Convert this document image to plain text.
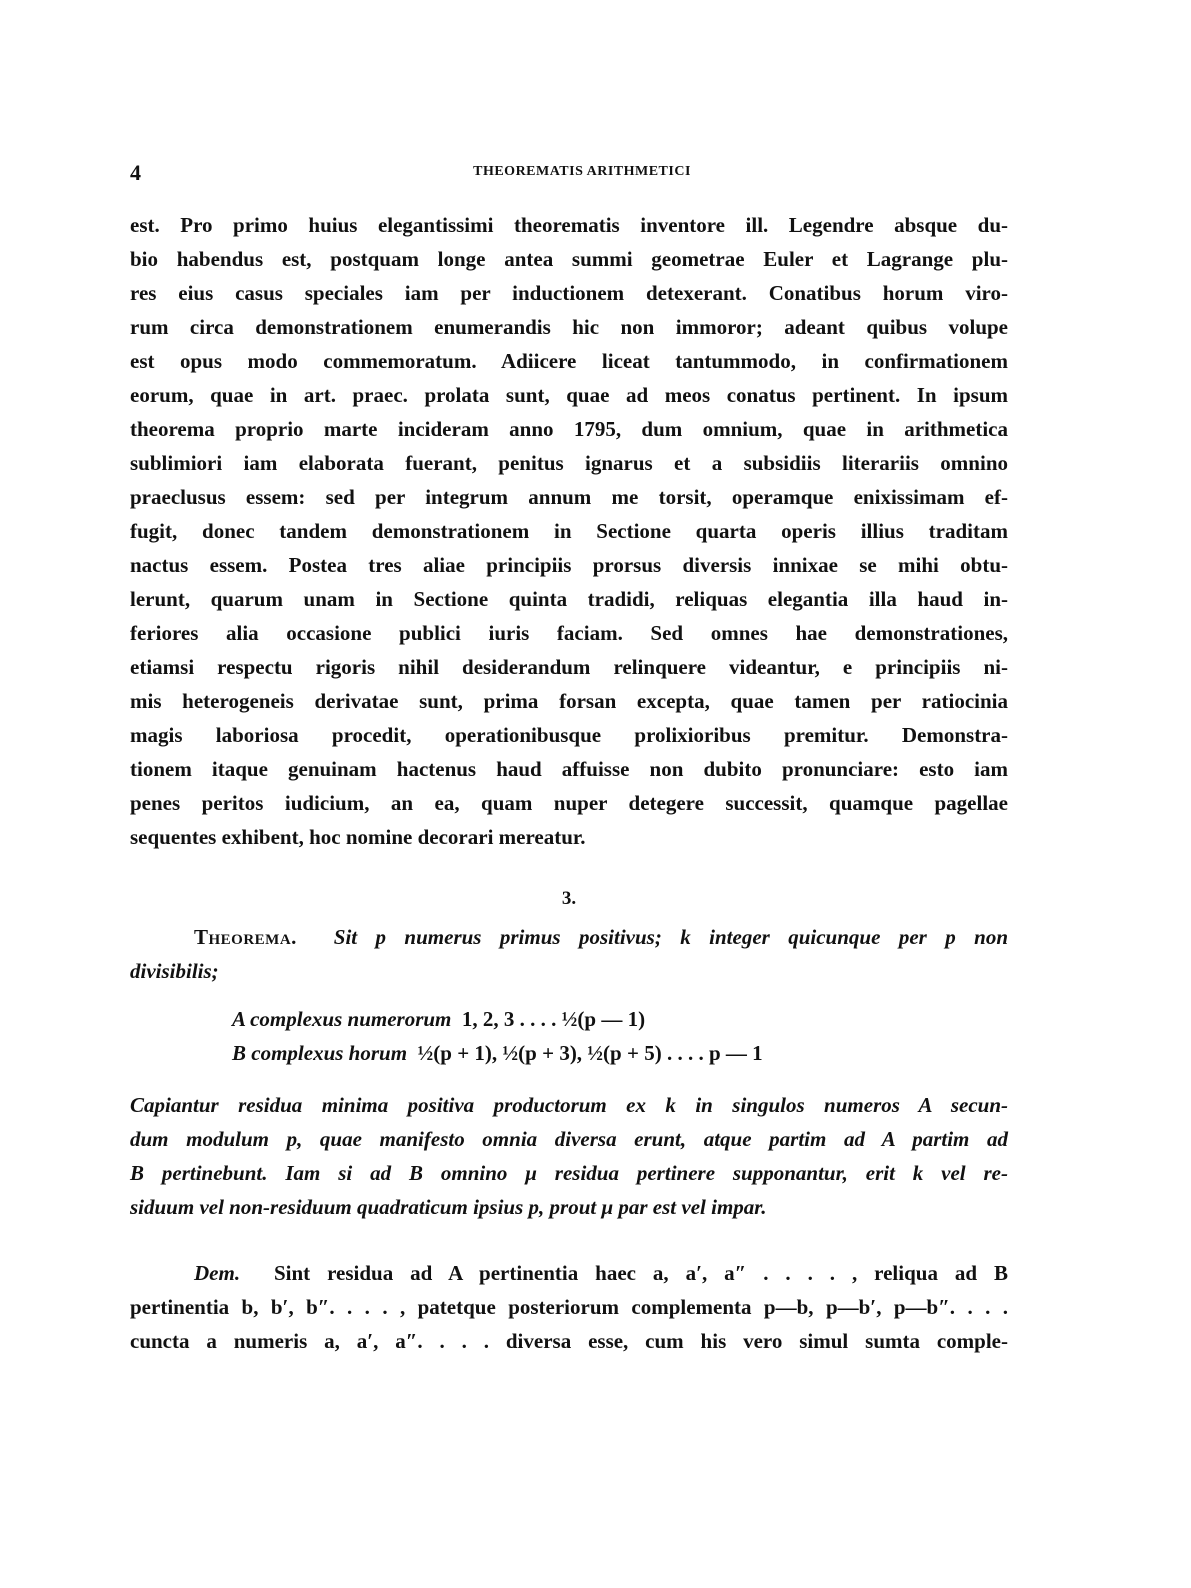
4	THEOREMATIS ARITHMETICI
est. Pro primo huius elegantissimi theorematis inventore ill. Legendre absque du-
bio habendus est, postquam longe antea summi geometrae Euler et Lagrange plu-
res eius casus speciales iam per inductionem detexerant. Conatibus horum viro-
rum circa demonstrationem enumerandis hic non immoror; adeant quibus volupe
est opus modo commemoratum. Adiicere liceat tantummodo, in confirmationem
eorum, quae in art. praec. prolata sunt, quae ad meos conatus pertinent. In ipsum
theorema proprio marte incideram anno 1795, dum omnium, quae in arithmetica
sublimiori iam elaborata fuerant, penitus ignarus et a subsidiis literariis omnino
praeclusus essem: sed per integrum annum me torsit, operamque enixissimam ef-
fugit, donec tandem demonstrationem in Sectione quarta operis illius traditam
nactus essem. Postea tres aliae principiis prorsus diversis innixae se mihi obtu-
lerunt, quarum unam in Sectione quinta tradidi, reliquas elegantia illa haud in-
feriores alia occasione publici iuris faciam. Sed omnes hae demonstrationes,
etiamsi respectu rigoris nihil desiderandum relinquere videantur, e principiis ni-
mis heterogeneis derivatae sunt, prima forsan excepta, quae tamen per ratiocinia
magis laboriosa procedit, operationibusque prolixioribus premitur. Demonstra-
tionem itaque genuinam hactenus haud affuisse non dubito pronunciare: esto iam
penes peritos iudicium, an ea, quam nuper detegere successit, quamque pagellae
sequentes exhibent, hoc nomine decorari mereatur.
3.
Theorema. Sit p numerus primus positivus; k integer quicunque per p non
divisibilis;
A complexus numerorum 1, 2, 3 . . . . ½(p — 1)
B complexus horum ½(p + 1), ½(p + 3), ½(p + 5) . . . . p — 1
Capiantur residua minima positiva productorum ex k in singulos numeros A secun-
dum modulum p, quae manifesto omnia diversa erunt, atque partim ad A partim ad
B pertinebunt. Iam si ad B omnino μ residua pertinere supponantur, erit k vel re-
siduum vel non-residuum quadraticum ipsius p, prout μ par est vel impar.
Dem. Sint residua ad A pertinentia haec a, a′, a″ . . . . , reliqua ad B
pertinentia b, b′, b″. . . . , patetque posteriorum complementa p—b, p—b′, p—b″. . . .
cuncta a numeris a, a′, a″. . . . diversa esse, cum his vero simul sumta comple-
